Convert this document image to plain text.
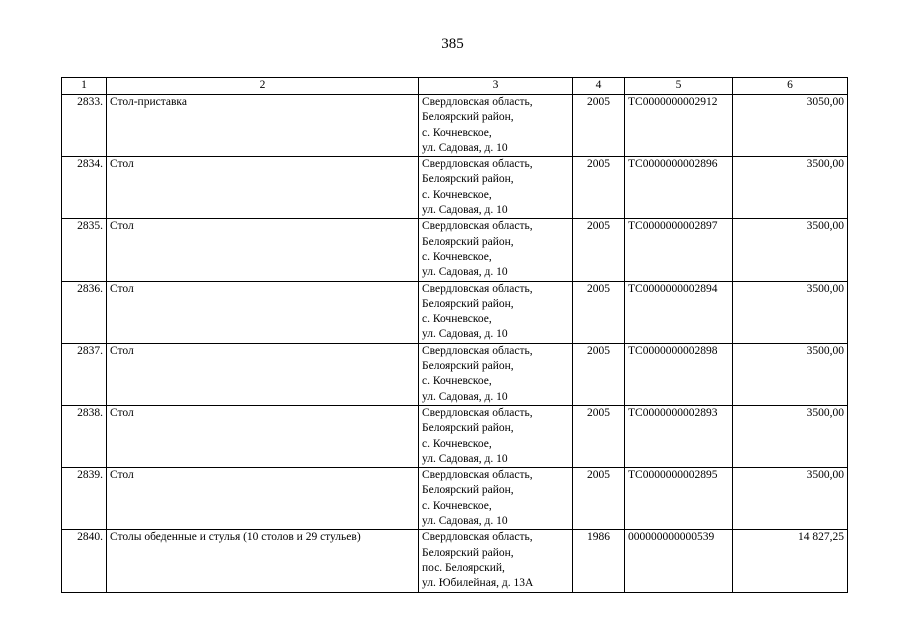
385
1	2	3	4	5	6
2833.	Стол-приставка	Свердловская область,
Белоярский район,
с. Кочневское,
ул. Садовая, д. 10	2005	ТС0000000002912	3050,00
2834.	Стол	Свердловская область,
Белоярский район,
с. Кочневское,
ул. Садовая, д. 10	2005	ТС0000000002896	3500,00
2835.	Стол	Свердловская область,
Белоярский район,
с. Кочневское,
ул. Садовая, д. 10	2005	ТС0000000002897	3500,00
2836.	Стол	Свердловская область,
Белоярский район,
с. Кочневское,
ул. Садовая, д. 10	2005	ТС0000000002894	3500,00
2837.	Стол	Свердловская область,
Белоярский район,
с. Кочневское,
ул. Садовая, д. 10	2005	ТС0000000002898	3500,00
2838.	Стол	Свердловская область,
Белоярский район,
с. Кочневское,
ул. Садовая, д. 10	2005	ТС0000000002893	3500,00
2839.	Стол	Свердловская область,
Белоярский район,
с. Кочневское,
ул. Садовая, д. 10	2005	ТС0000000002895	3500,00
2840.	Столы обеденные и стулья (10 столов и 29 стульев)	Свердловская область,
Белоярский район,
пос. Белоярский,
ул. Юбилейная, д. 13А	1986	000000000000539	14 827,25
